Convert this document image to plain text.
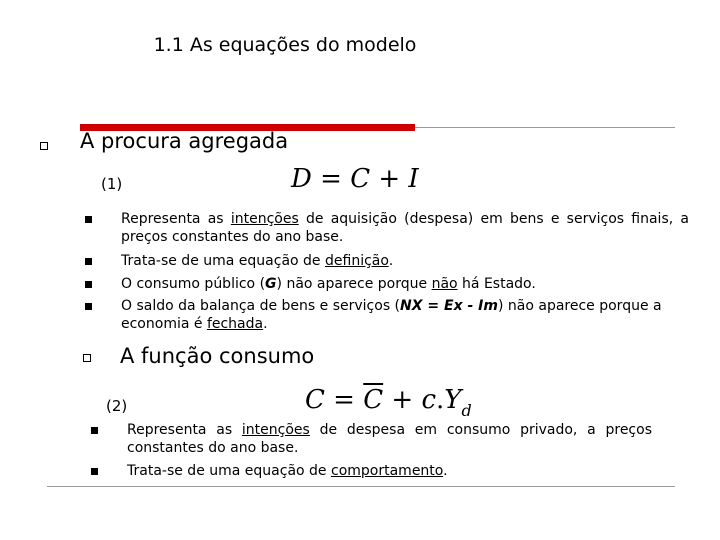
1.1 As equações do modelo
A procura agregada
(1)	D = C + I
Representa as intenções de aquisição (despesa) em bens e serviços finais, a preços constantes do ano base.
Trata-se de uma equação de definição.
O consumo público (G) não aparece porque não há Estado.
O saldo da balança de bens e serviços (NX = Ex - Im) não aparece porque a economia é fechada.
A função consumo
(2)	$C = \overline{C} + c.Y_d$
Representa as intenções de despesa em consumo privado, a preços constantes do ano base.
Trata-se de uma equação de comportamento.
